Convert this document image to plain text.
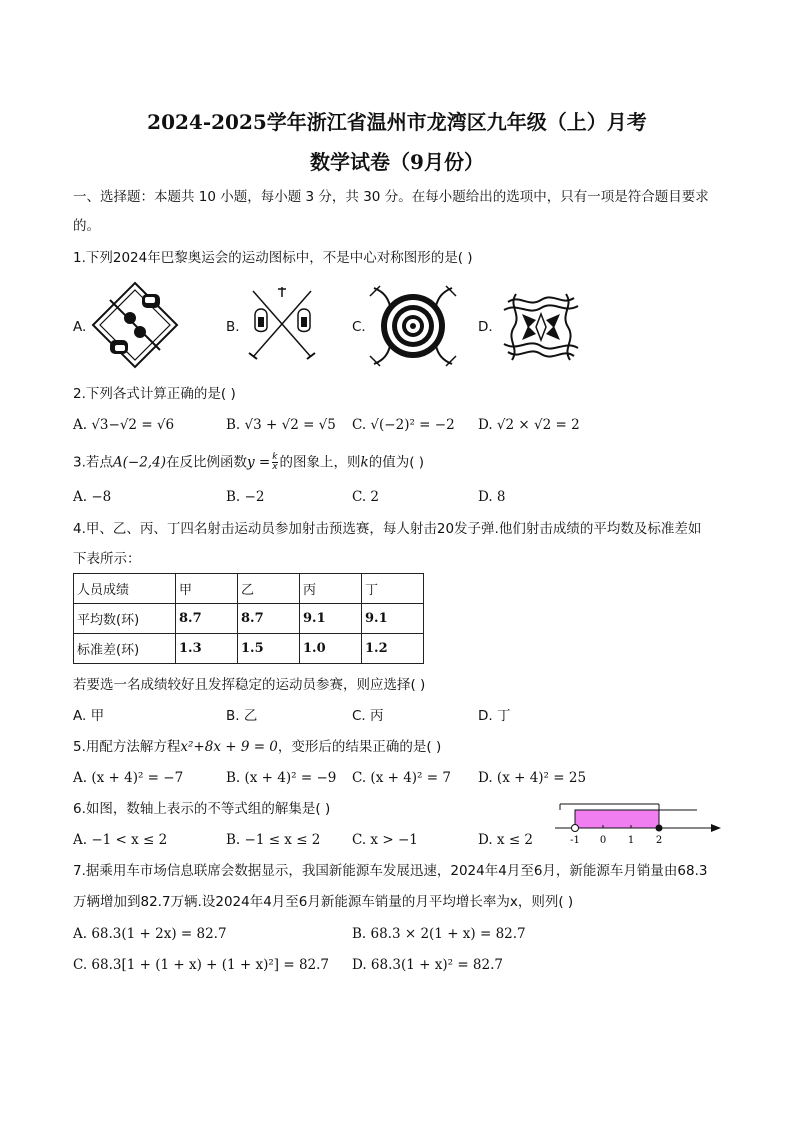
2024-2025学年浙江省温州市龙湾区九年级（上）月考
数学试卷（9月份）
一、选择题：本题共 10 小题，每小题 3 分，共 30 分。在每小题给出的选项中，只有一项是符合题目要求
的。
1.下列2024年巴黎奥运会的运动图标中，不是中心对称图形的是( )
A.	B.	C.	D.
2.下列各式计算正确的是( )
A. √3−√2 = √6	B. √3 + √2 = √5 C. √(−2)² = −2 D. √2 × √2 = 2
3.若点A(−2,4)在反比例函数$y = \frac{k}{x}$ 的图象上，则k的值为( )
A. −8	B. −2	C. 2	D. 8
4.甲、乙、丙、丁四名射击运动员参加射击预选赛，每人射击20发子弹.他们射击成绩的平均数及标准差如
下表所示：
人员成绩	甲	乙	丙	丁
平均数(环)	8.7	8.7	9.1	9.1
标准差(环)	1.3	1.5	1.0	1.2
若要选一名成绩较好且发挥稳定的运动员参赛，则应选择( )
A. 甲	B. 乙	C. 丙	D. 丁
5.用配方法解方程x²+8x + 9 = 0，变形后的结果正确的是( )
A. (x + 4)² = −7	B. (x + 4)² = −9 C. (x + 4)² = 7 D. (x + 4)² = 25
6.如图，数轴上表示的不等式组的解集是( )
A. −1 < x ≤ 2	B. −1 ≤ x ≤ 2 C. x > −1	D. x ≤ 2	-1 0 1 2
7.据乘用车市场信息联席会数据显示，我国新能源车发展迅速，2024年4月至6月，新能源车月销量由68.3
万辆增加到82.7万辆.设2024年4月至6月新能源车销量的月平均增长率为x，则列( )
A. 68.3(1 + 2x) = 82.7	B. 68.3 × 2(1 + x) = 82.7
C. 68.3[1 + (1 + x) + (1 + x)²] = 82.7 D. 68.3(1 + x)² = 82.7
